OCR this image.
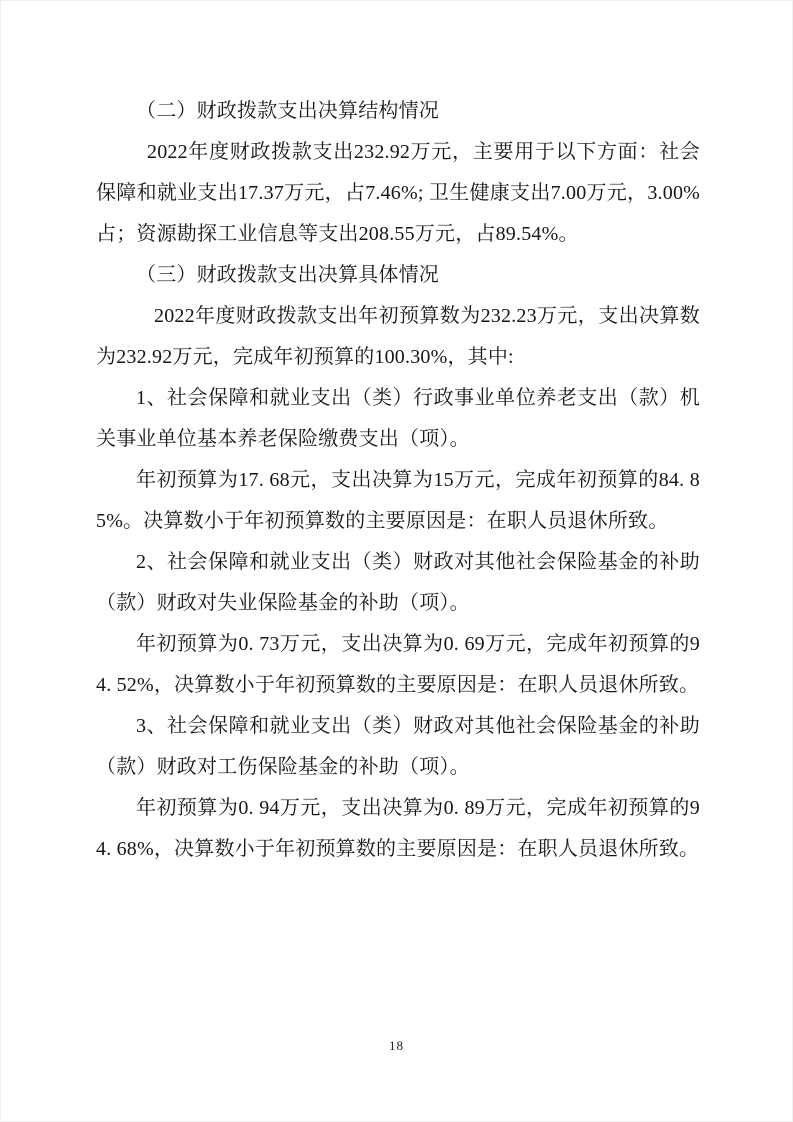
（二）财政拨款支出决算结构情况

2022年度财政拨款支出232.92万元，主要用于以下方面：社会保障和就业支出17.37万元，占7.46%; 卫生健康支出7.00万元，3.00%占；资源勘探工业信息等支出208.55万元，占89.54%。

（三）财政拨款支出决算具体情况

2022年度财政拨款支出年初预算数为232.23万元，支出决算数为232.92万元，完成年初预算的100.30%，其中:

1、社会保障和就业支出（类）行政事业单位养老支出（款）机关事业单位基本养老保险缴费支出（项）。

年初预算为17. 68元，支出决算为15万元，完成年初预算的84. 85%。决算数小于年初预算数的主要原因是：在职人员退休所致。

2、社会保障和就业支出（类）财政对其他社会保险基金的补助（款）财政对失业保险基金的补助（项）。

年初预算为0. 73万元，支出决算为0. 69万元，完成年初预算的94. 52%，决算数小于年初预算数的主要原因是：在职人员退休所致。

3、社会保障和就业支出（类）财政对其他社会保险基金的补助（款）财政对工伤保险基金的补助（项）。

年初预算为0. 94万元，支出决算为0. 89万元，完成年初预算的94. 68%，决算数小于年初预算数的主要原因是：在职人员退休所致。

18
